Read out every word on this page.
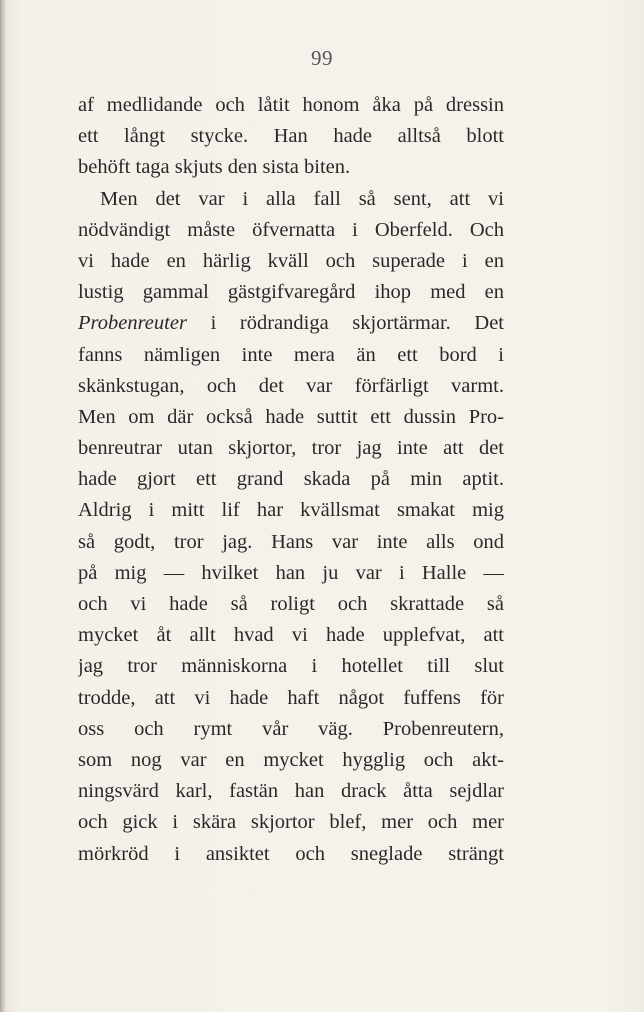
99
af medlidande och låtit honom åka på dressin
ett långt stycke. Han hade alltså blott
behöft taga skjuts den sista biten.
Men det var i alla fall så sent, att vi
nödvändigt måste öfvernatta i Oberfeld. Och
vi hade en härlig kväll och superade i en
lustig gammal gästgifvaregård ihop med en
Probenreuter i rödrandiga skjortärmar. Det
fanns nämligen inte mera än ett bord i
skänkstugan, och det var förfärligt varmt.
Men om där också hade suttit ett dussin Pro-
benreutrar utan skjortor, tror jag inte att det
hade gjort ett grand skada på min aptit.
Aldrig i mitt lif har kvällsmat smakat mig
så godt, tror jag. Hans var inte alls ond
på mig — hvilket han ju var i Halle —
och vi hade så roligt och skrattade så
mycket åt allt hvad vi hade upplefvat, att
jag tror människorna i hotellet till slut
trodde, att vi hade haft något fuffens för
oss och rymt vår väg. Probenreutern,
som nog var en mycket hygglig och akt-
ningsvärd karl, fastän han drack åtta sejdlar
och gick i skära skjortor blef, mer och mer
mörkröd i ansiktet och sneglade strängt
